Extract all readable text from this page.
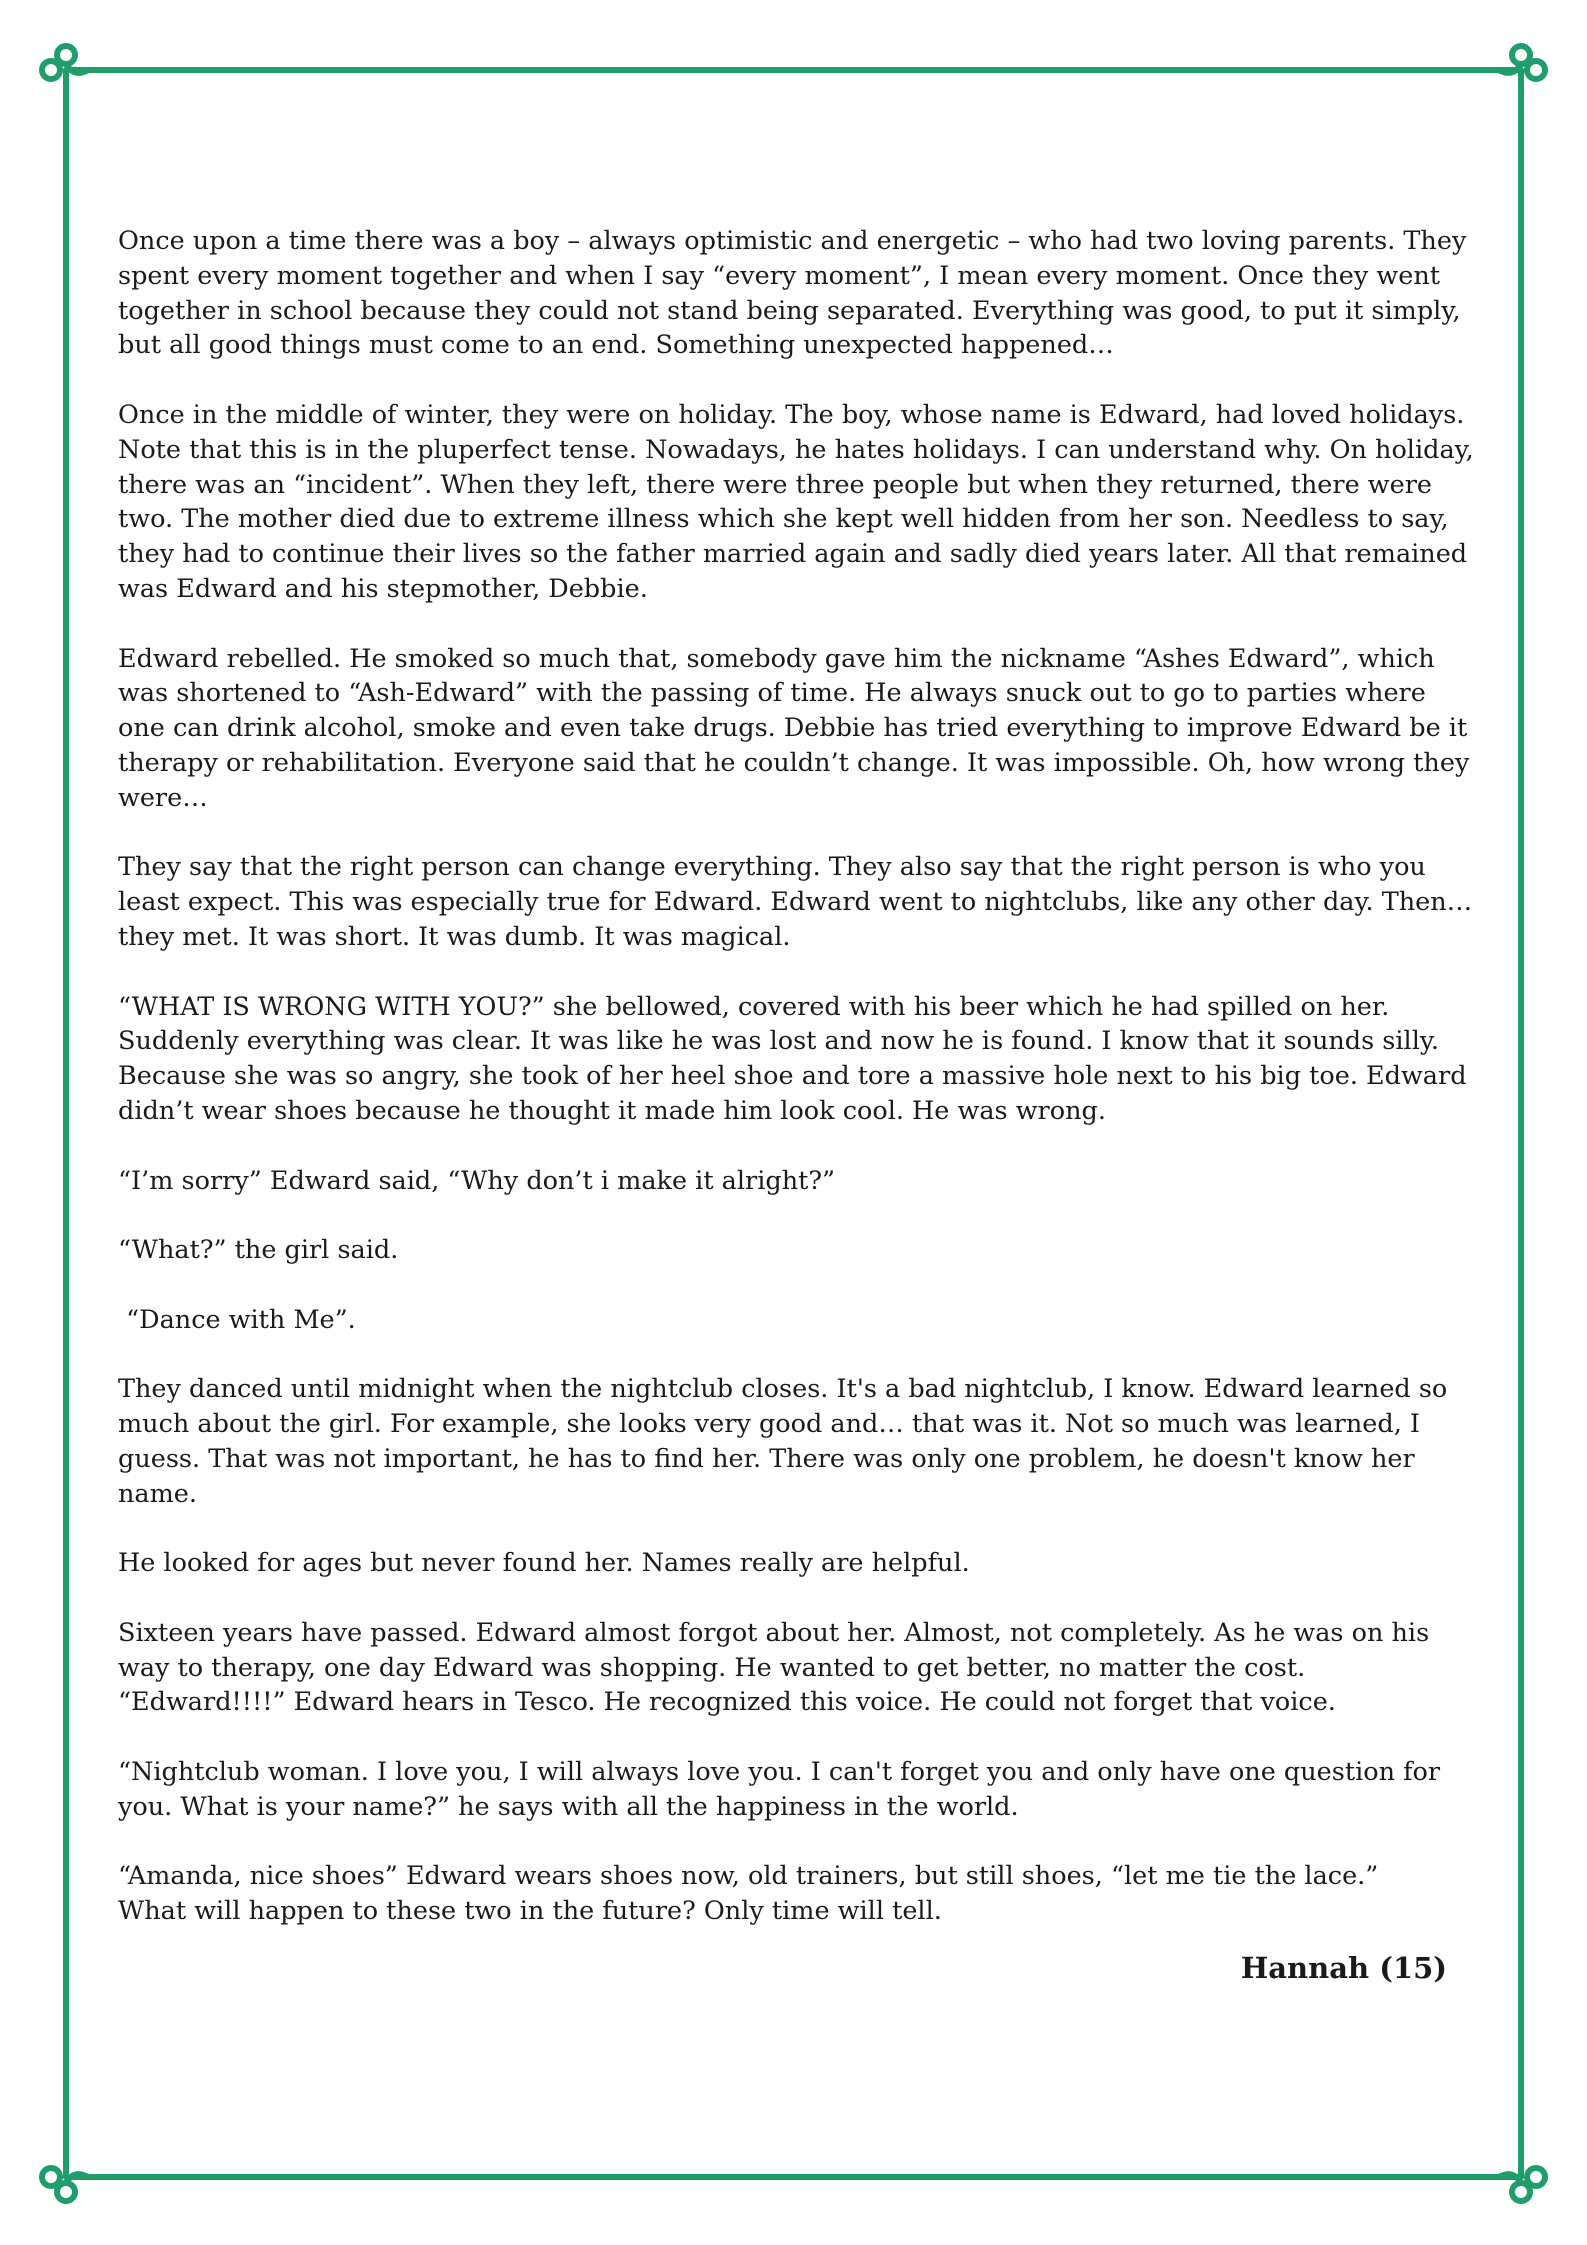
Once upon a time there was a boy – always optimistic and energetic – who had two loving parents. They spent every moment together and when I say “every moment”, I mean every moment. Once they went together in school because they could not stand being separated. Everything was good, to put it simply, but all good things must come to an end. Something unexpected happened…

Once in the middle of winter, they were on holiday. The boy, whose name is Edward, had loved holidays. Note that this is in the pluperfect tense. Nowadays, he hates holidays. I can understand why. On holiday, there was an “incident”. When they left, there were three people but when they returned, there were two. The mother died due to extreme illness which she kept well hidden from her son. Needless to say, they had to continue their lives so the father married again and sadly died years later. All that remained was Edward and his stepmother, Debbie.

Edward rebelled. He smoked so much that, somebody gave him the nickname “Ashes Edward”, which was shortened to “Ash-Edward” with the passing of time. He always snuck out to go to parties where one can drink alcohol, smoke and even take drugs. Debbie has tried everything to improve Edward be it therapy or rehabilitation. Everyone said that he couldn’t change. It was impossible. Oh, how wrong they were…

They say that the right person can change everything. They also say that the right person is who you least expect. This was especially true for Edward. Edward went to nightclubs, like any other day. Then… they met. It was short. It was dumb. It was magical.

“WHAT IS WRONG WITH YOU?” she bellowed, covered with his beer which he had spilled on her. Suddenly everything was clear. It was like he was lost and now he is found. I know that it sounds silly. Because she was so angry, she took of her heel shoe and tore a massive hole next to his big toe. Edward didn’t wear shoes because he thought it made him look cool. He was wrong.

“I’m sorry” Edward said, “Why don’t i make it alright?”

“What?” the girl said.

“Dance with Me”.

They danced until midnight when the nightclub closes. It's a bad nightclub, I know. Edward learned so much about the girl. For example, she looks very good and… that was it. Not so much was learned, I guess. That was not important, he has to find her. There was only one problem, he doesn't know her name.

He looked for ages but never found her. Names really are helpful.

Sixteen years have passed. Edward almost forgot about her. Almost, not completely. As he was on his way to therapy, one day Edward was shopping. He wanted to get better, no matter the cost. “Edward!!!!” Edward hears in Tesco. He recognized this voice. He could not forget that voice.

“Nightclub woman. I love you, I will always love you. I can't forget you and only have one question for you. What is your name?” he says with all the happiness in the world.

“Amanda, nice shoes” Edward wears shoes now, old trainers, but still shoes, “let me tie the lace.”

What will happen to these two in the future? Only time will tell.

Hannah (15)
